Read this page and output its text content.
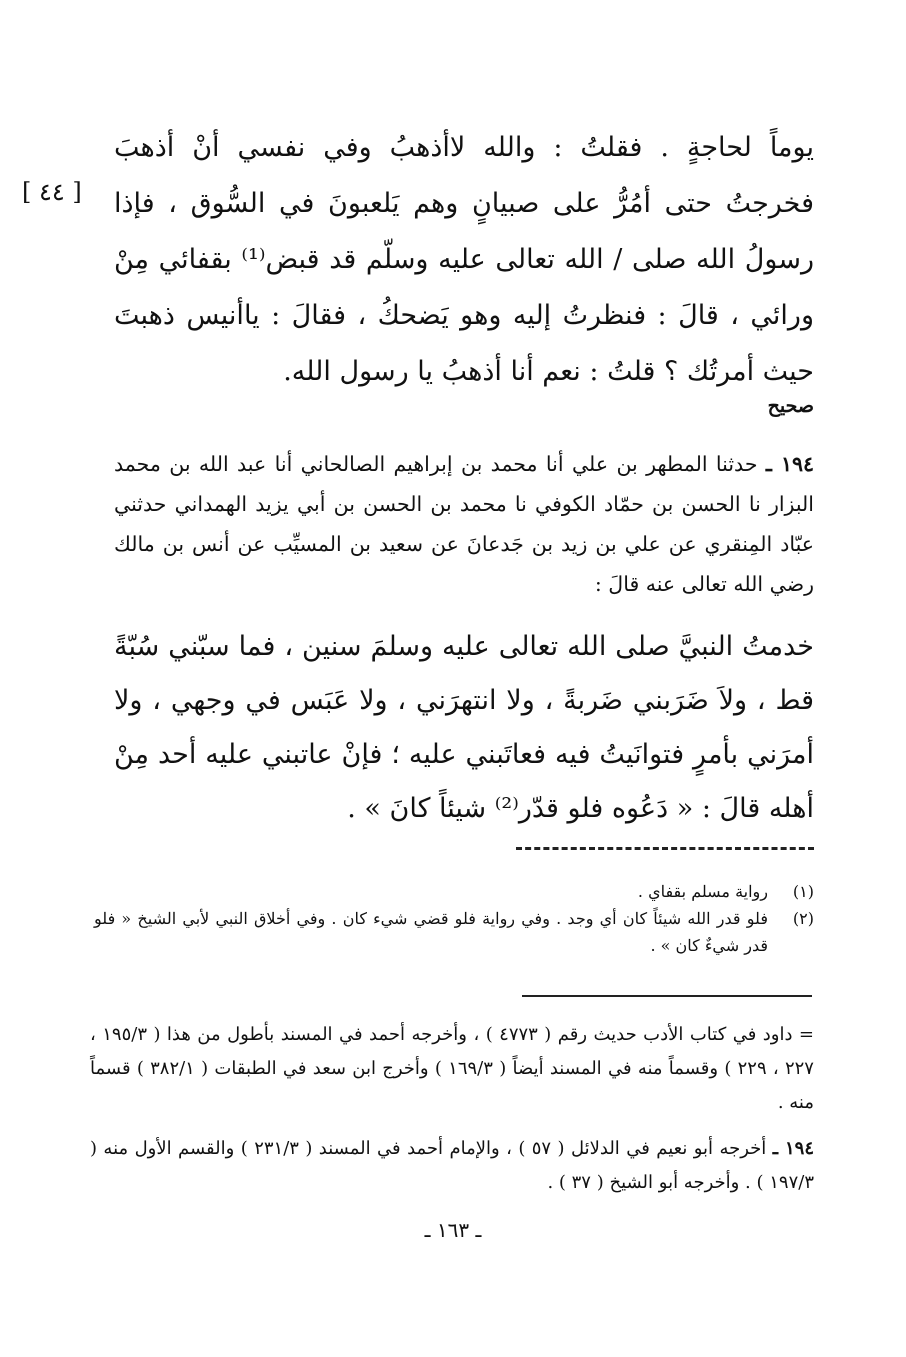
[ ٤٤ ]
يوماً لحاجةٍ . فقلتُ : والله لاأذهبُ وفي نفسي أنْ أذهبَ فخرجتُ حتى أمُرُّ على صبيانٍ وهم يَلعبونَ في السُّوق ، فإذا رسولُ الله صلى / الله تعالى عليه وسلّم قد قبض⁽¹⁾ بقفائي مِنْ ورائي ، قالَ : فنظرتُ إليه وهو يَضحكُ ، فقالَ : ياأنيس ذهبتَ حيث أمرتُك ؟ قلتُ : نعم أنا أذهبُ يا رسول الله.
صحيح
١٩٤ ـ حدثنا المطهر بن علي أنا محمد بن إبراهيم الصالحاني أنا عبد الله بن محمد البزار نا الحسن بن حمّاد الكوفي نا محمد بن الحسن بن أبي يزيد الهمداني حدثني عبّاد المِنقري عن علي بن زيد بن جَدعانَ عن سعيد بن المسيِّب عن أنس بن مالك رضي الله تعالى عنه قالَ :
خدمتُ النبيَّ صلى الله تعالى عليه وسلمَ سنين ، فما سبّني سُبّةً قط ، ولاَ ضَرَبني ضَربةً ، ولا انتهرَني ، ولا عَبَس في وجهي ، ولا أمرَني بأمرٍ فتوانَيتُ فيه فعاتَبني عليه ؛ فإنْ عاتبني عليه أحد مِنْ أهله قالَ : « دَعُوه فلو قدّر⁽²⁾ شيئاً كانَ » .
(١)
رواية مسلم بقفاي .
(٢)
فلو قدر الله شيئاً كان أي وجد . وفي رواية فلو قضي شيء كان . وفي أخلاق النبي لأبي الشيخ « فلو قدر شيءٌ كان » .
= داود في كتاب الأدب حديث رقم ( ٤٧٧٣ ) ، وأخرجه أحمد في المسند بأطول من هذا ( ١٩٥/٣ ، ٢٢٧ ، ٢٢٩ ) وقسماً منه في المسند أيضاً ( ١٦٩/٣ ) وأخرج ابن سعد في الطبقات ( ٣٨٢/١ ) قسماً منه .
١٩٤ ـ أخرجه أبو نعيم في الدلائل ( ٥٧ ) ، والإمام أحمد في المسند ( ٢٣١/٣ ) والقسم الأول منه ( ١٩٧/٣ ) . وأخرجه أبو الشيخ ( ٣٧ ) .
ـ ١٦٣ ـ
